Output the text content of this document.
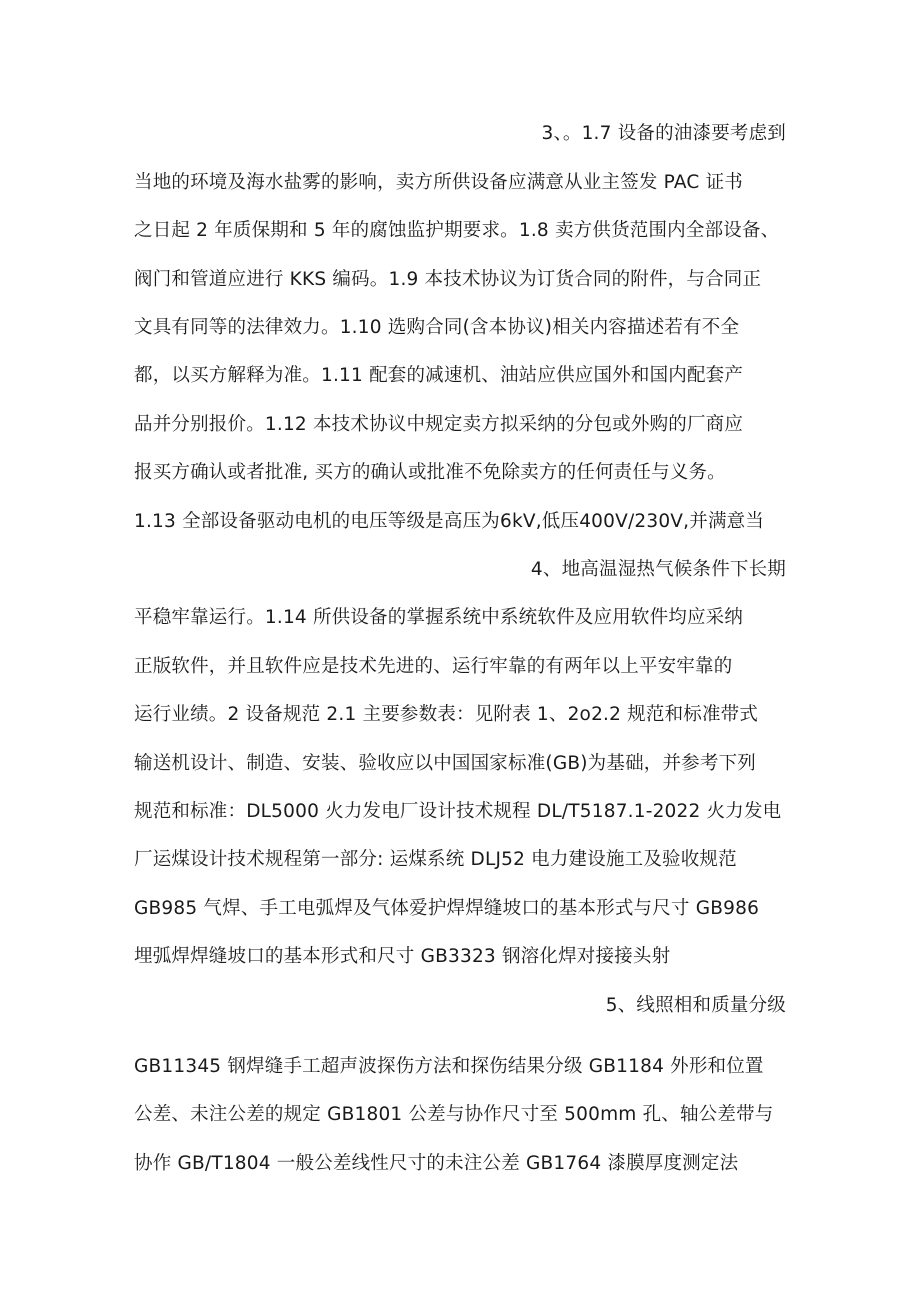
3、。1.7 设备的油漆要考虑到
当地的环境及海水盐雾的影响，卖方所供设备应满意从业主签发 PAC 证书
之日起 2 年质保期和 5 年的腐蚀监护期要求。1.8 卖方供货范围内全部设备、
阀门和管道应进行 KKS 编码。1.9 本技术协议为订货合同的附件，与合同正
文具有同等的法律效力。1.10 选购合同(含本协议)相关内容描述若有不全
都，以买方解释为准。1.11 配套的减速机、油站应供应国外和国内配套产
品并分别报价。1.12 本技术协议中规定卖方拟采纳的分包或外购的厂商应
报买方确认或者批准, 买方的确认或批准不免除卖方的任何责任与义务。
1.13 全部设备驱动电机的电压等级是高压为6kV,低压400V/230V,并满意当
4、地高温湿热气候条件下长期
平稳牢靠运行。1.14 所供设备的掌握系统中系统软件及应用软件均应采纳
正版软件，并且软件应是技术先进的、运行牢靠的有两年以上平安牢靠的
运行业绩。2 设备规范 2.1 主要参数表：见附表 1、2o2.2 规范和标准带式
输送机设计、制造、安装、验收应以中国国家标准(GB)为基础，并参考下列
规范和标准：DL5000 火力发电厂设计技术规程 DL/T5187.1-2022 火力发电
厂运煤设计技术规程第一部分: 运煤系统 DLJ52 电力建设施工及验收规范
GB985 气焊、手工电弧焊及气体爱护焊焊缝坡口的基本形式与尺寸 GB986
埋弧焊焊缝坡口的基本形式和尺寸 GB3323 钢溶化焊对接接头射
5、线照相和质量分级
GB11345 钢焊缝手工超声波探伤方法和探伤结果分级 GB1184 外形和位置
公差、未注公差的规定 GB1801 公差与协作尺寸至 500mm 孔、轴公差带与
协作 GB/T1804 一般公差线性尺寸的未注公差 GB1764 漆膜厚度测定法
